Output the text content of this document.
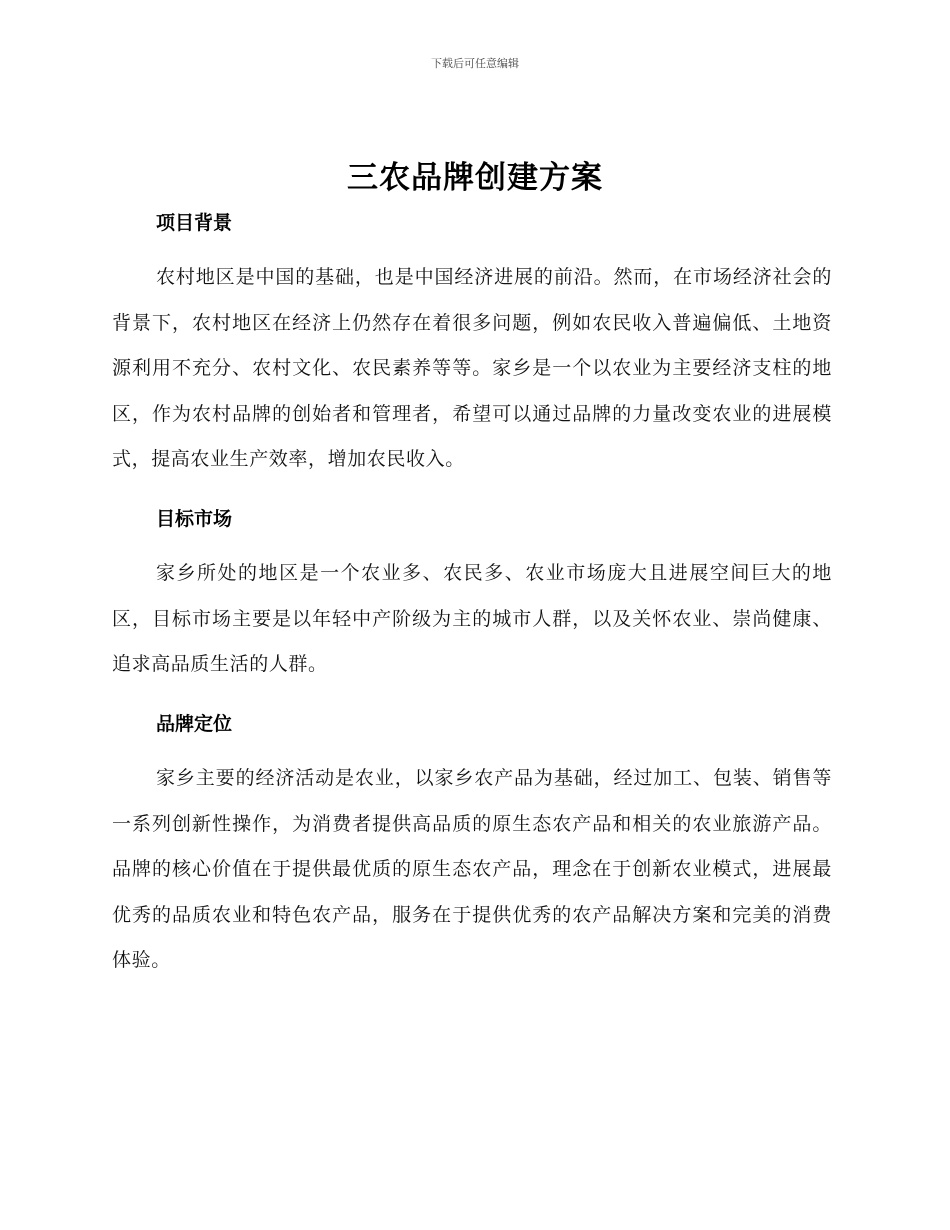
下载后可任意编辑
三农品牌创建方案
项目背景

农村地区是中国的基础，也是中国经济进展的前沿。然而，在市场经济社会的背景下，农村地区在经济上仍然存在着很多问题，例如农民收入普遍偏低、土地资源利用不充分、农村文化、农民素养等等。家乡是一个以农业为主要经济支柱的地区，作为农村品牌的创始者和管理者，希望可以通过品牌的力量改变农业的进展模式，提高农业生产效率，增加农民收入。

目标市场

家乡所处的地区是一个农业多、农民多、农业市场庞大且进展空间巨大的地区，目标市场主要是以年轻中产阶级为主的城市人群，以及关怀农业、崇尚健康、追求高品质生活的人群。

品牌定位

家乡主要的经济活动是农业，以家乡农产品为基础，经过加工、包装、销售等一系列创新性操作，为消费者提供高品质的原生态农产品和相关的农业旅游产品。品牌的核心价值在于提供最优质的原生态农产品，理念在于创新农业模式，进展最优秀的品质农业和特色农产品，服务在于提供优秀的农产品解决方案和完美的消费体验。
